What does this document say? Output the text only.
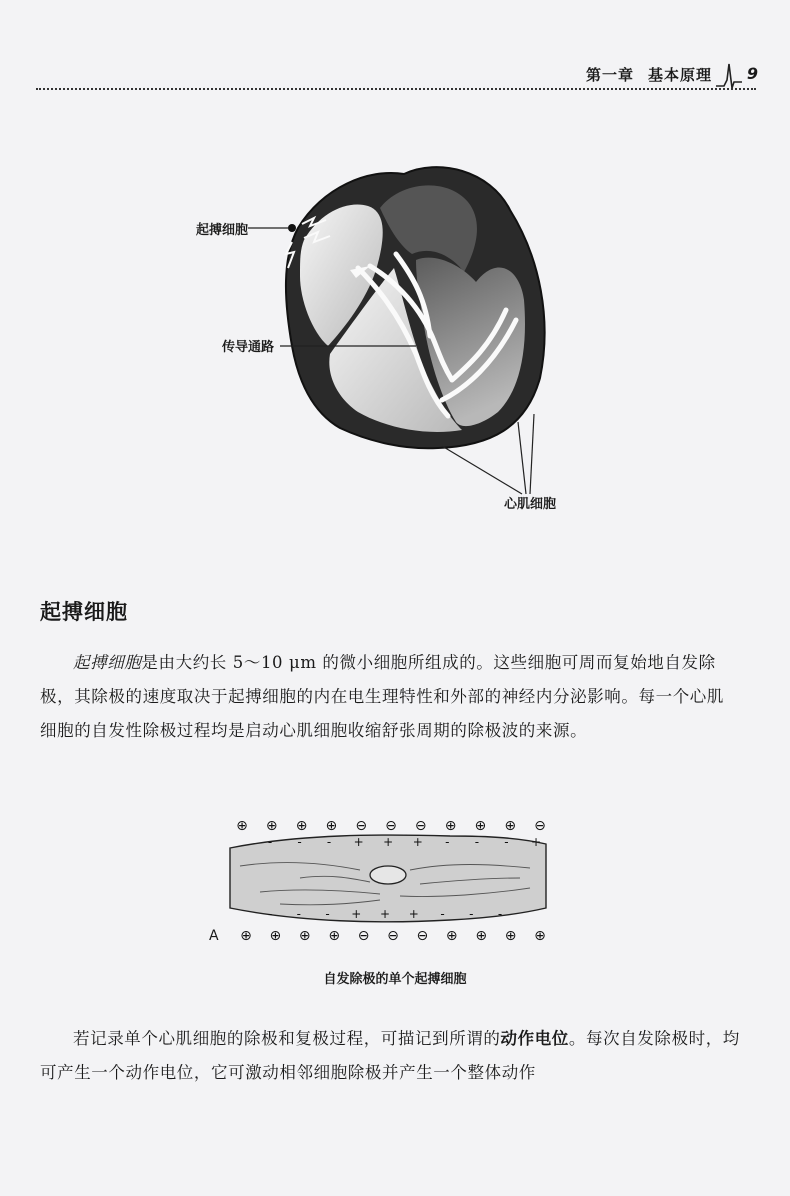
第一章 基本原理 9
起搏细胞
传导通路
心肌细胞
起搏细胞

起搏细胞是由大约长 5～10 μm 的微小细胞所组成的。这些细胞可周而复始地自发除极，其除极的速度取决于起搏细胞的内在电生理特性和外部的神经内分泌影响。每一个心肌细胞的自发性除极过程均是启动心肌细胞收缩舒张周期的除极波的来源。

⊕ ⊕ ⊕ ⊕ ⊖ ⊖ ⊖ ⊕ ⊕ ⊕ ⊖
- - - + + + - - - +
- - - + + + - - -
⊕ ⊕ ⊕ ⊕ ⊖ ⊖ ⊖ ⊕ ⊕ ⊕ ⊕
A
自发除极的单个起搏细胞

若记录单个心肌细胞的除极和复极过程，可描记到所谓的动作电位。每次自发除极时，均可产生一个动作电位，它可激动相邻细胞除极并产生一个整体动作
